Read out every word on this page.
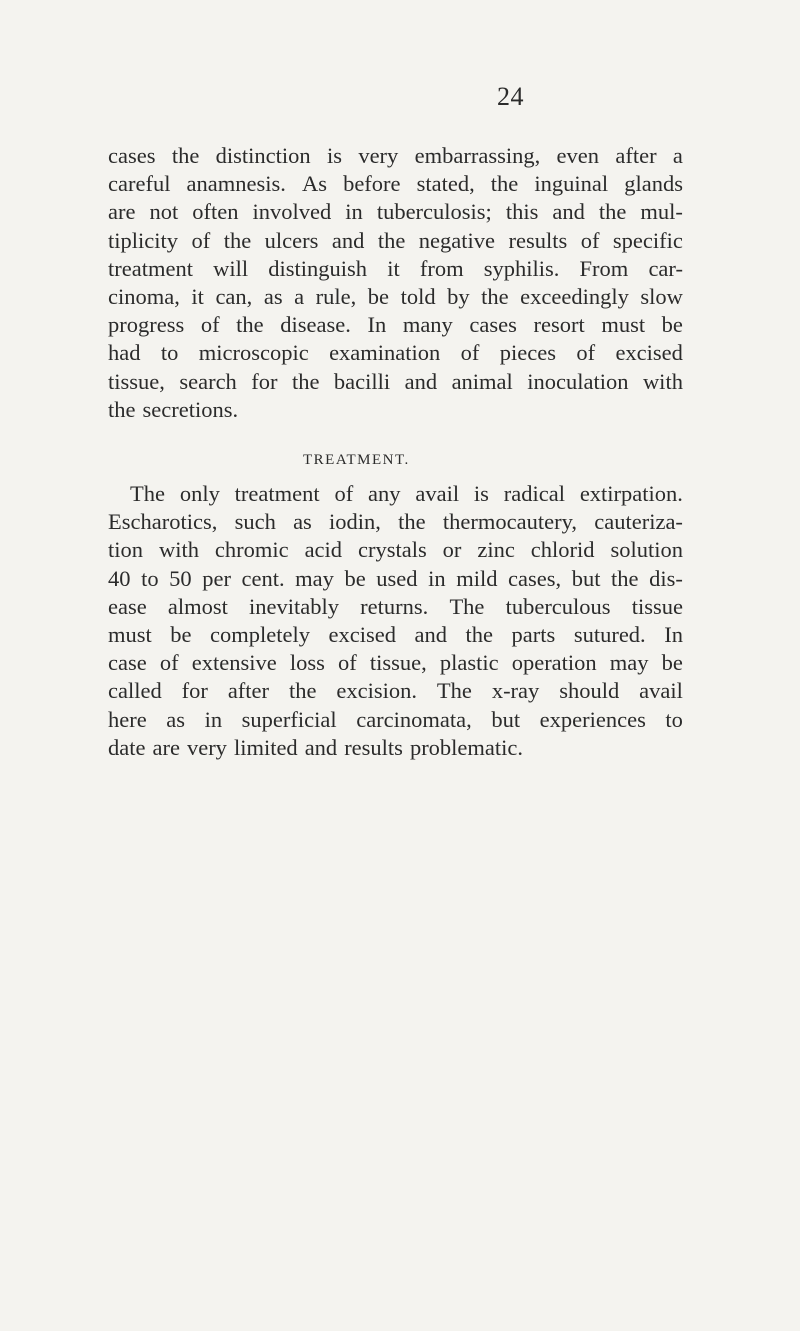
24
cases the distinction is very embarrassing, even after a
careful anamnesis. As before stated, the inguinal glands
are not often involved in tuberculosis; this and the mul-
tiplicity of the ulcers and the negative results of specific
treatment will distinguish it from syphilis. From car-
cinoma, it can, as a rule, be told by the exceedingly slow
progress of the disease. In many cases resort must be
had to microscopic examination of pieces of excised
tissue, search for the bacilli and animal inoculation with
the secretions.
TREATMENT.
The only treatment of any avail is radical extirpation.
Escharotics, such as iodin, the thermocautery, cauteriza-
tion with chromic acid crystals or zinc chlorid solution
40 to 50 per cent. may be used in mild cases, but the dis-
ease almost inevitably returns. The tuberculous tissue
must be completely excised and the parts sutured. In
case of extensive loss of tissue, plastic operation may be
called for after the excision. The x-ray should avail
here as in superficial carcinomata, but experiences to
date are very limited and results problematic.
